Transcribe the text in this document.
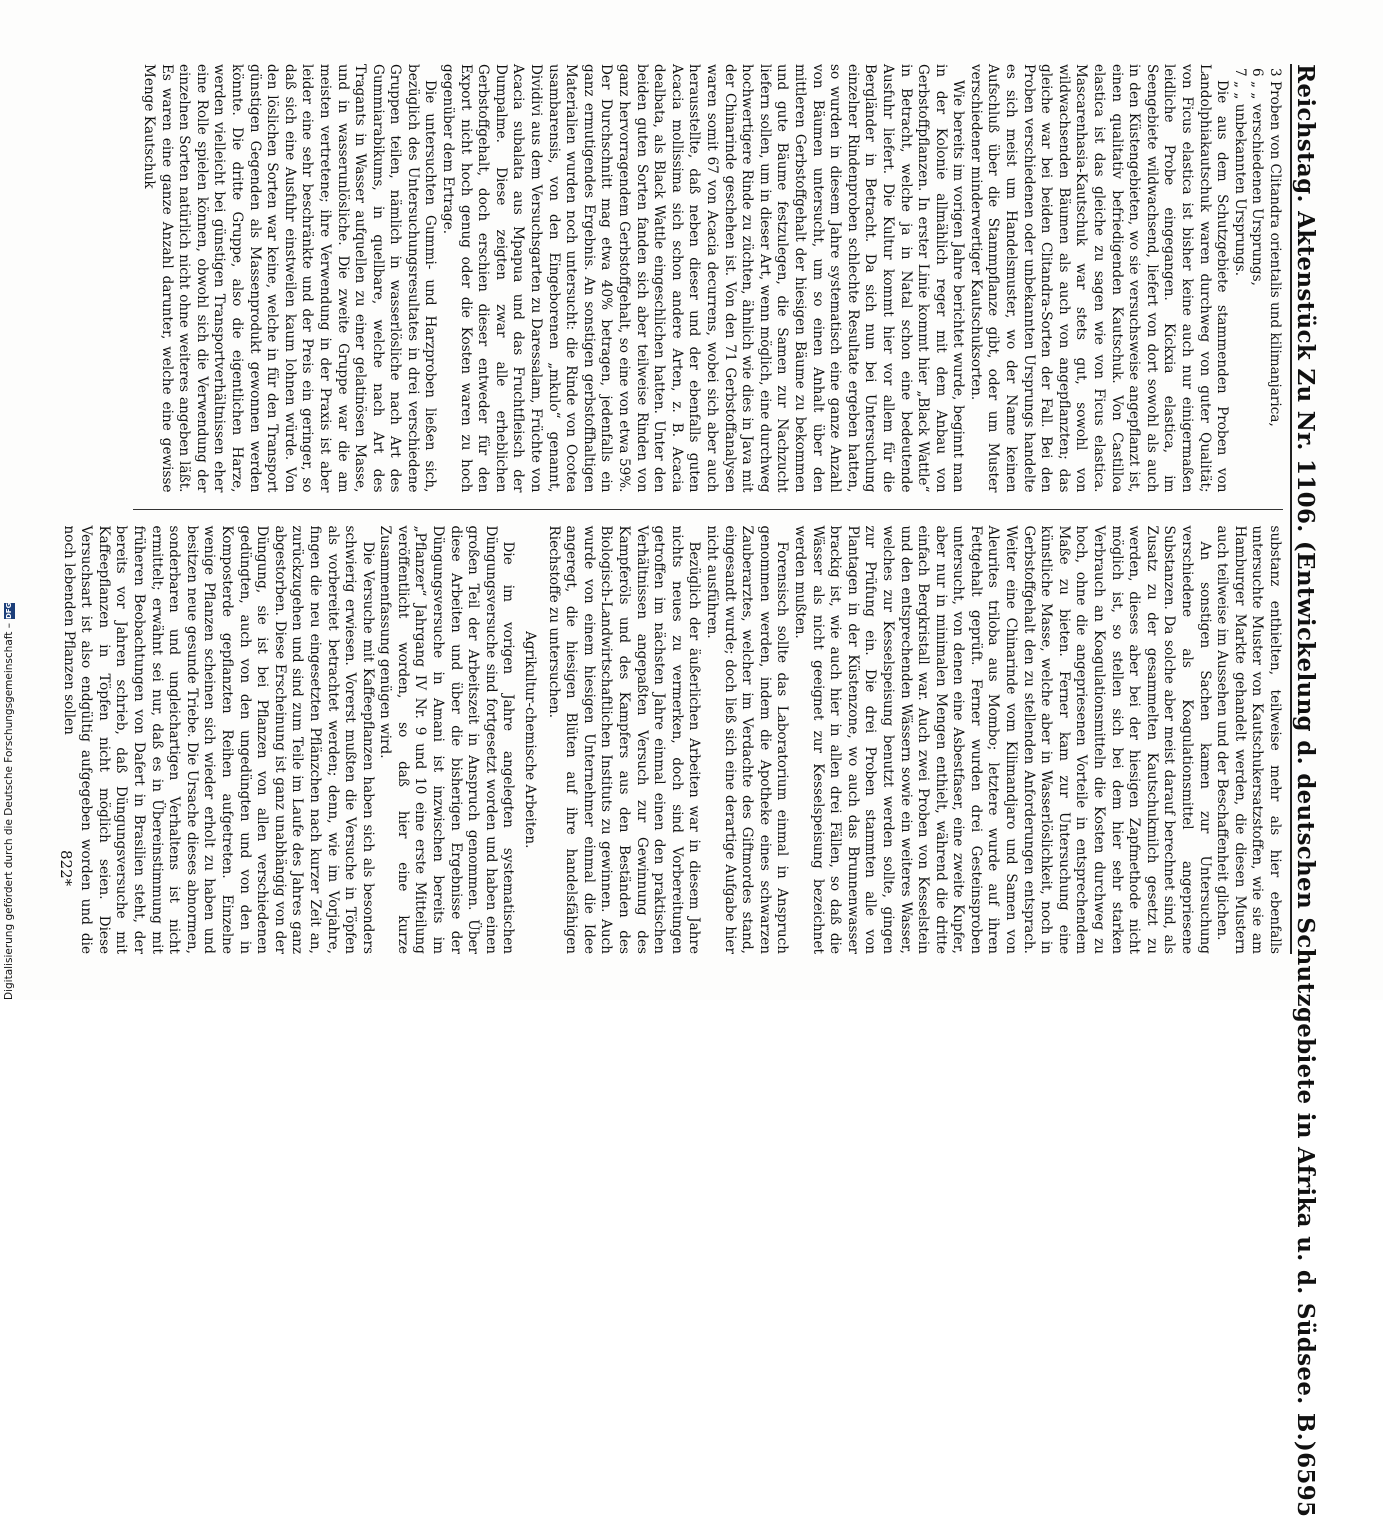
Reichstag. Aktenstück Zu Nr. 1106. (Entwickelung d. deutschen Schutzgebiete in Afrika u. d. Südsee. B.)
6595
3 Proben von Clitandra orientalis und kilimanjarica,
6 „ „ verschiedenen Ursprungs,
7 „ „ unbekannten Ursprungs.

Die aus dem Schutzgebiete stammenden Proben von Landolphiakautschuk waren durchweg von guter Qualität; von Ficus elastica ist bisher keine auch nur einigermaßen leidliche Probe eingegangen. Kickxia elastica, im Seengebiete wildwachsend, liefert von dort sowohl als auch in den Küstengebieten, wo sie versuchsweise angepflanzt ist, einen qualitativ befriedigenden Kautschuk. Von Castilloa elastica ist das gleiche zu sagen wie von Ficus elastica. Mascarenhasia-Kautschuk war stets gut, sowohl von wildwachsenden Bäumen als auch von angepflanzten; das gleiche war bei beiden Clitandra-Sorten der Fall. Bei den Proben verschiedenen oder unbekannten Ursprungs handelte es sich meist um Handelsmuster, wo der Name keinen Aufschluß über die Stammpflanze gibt, oder um Muster verschiedener minderwertiger Kautschuksorten.

Wie bereits im vorigen Jahre berichtet wurde, beginnt man in der Kolonie allmählich reger mit dem Anbau von Gerbstoffpflanzen. In erster Linie kommt hier „Black Wattle“ in Betracht, welche ja in Natal schon eine bedeutende Ausfuhr liefert. Die Kultur kommt hier vor allem für die Bergländer in Betracht. Da sich nun bei Untersuchung einzelner Rindenproben schlechte Resultate ergeben hatten, so wurden in diesem Jahre systematisch eine ganze Anzahl von Bäumen untersucht, um so einen Anhalt über den mittleren Gerbstoffgehalt der hiesigen Bäume zu bekommen und gute Bäume festzulegen, die Samen zur Nachzucht liefern sollen, um in dieser Art, wenn möglich, eine durchweg hochwertigere Rinde zu züchten, ähnlich wie dies in Java mit der Chinarinde geschehen ist. Von den 71 Gerbstoffanalysen waren somit 67 von Acacia decurrens, wobei sich aber auch herausstellte, daß neben dieser und der ebenfalls guten Acacia mollissima sich schon andere Arten, z. B. Acacia dealbata, als Black Wattle eingeschlichen hatten. Unter den beiden guten Sorten fanden sich aber teilweise Rinden von ganz hervorragendem Gerbstoffgehalt, so eine von etwa 59%. Der Durchschnitt mag etwa 40% betragen, jedenfalls ein ganz ermutigendes Ergebnis. An sonstigen gerbstoffhaltigen Materialien wurden noch untersucht: die Rinde von Ocotea usambarensis, von den Eingeborenen „mkulo“ genannt, Dividivi aus dem Versuchsgarten zu Daressalam, Früchte von Acacia subalata aus Mpapua und das Fruchtfleisch der Dumpalme. Diese zeigten zwar alle erheblichen Gerbstoffgehalt, doch erschien dieser entweder für den Export nicht hoch genug oder die Kosten waren zu hoch gegenüber dem Ertrage.

Die untersuchten Gummi- und Harzproben ließen sich, bezüglich des Untersuchungsresultates in drei verschiedene Gruppen teilen, nämlich in wasserlösliche nach Art des Gummiarabikums, in quellbare, welche nach Art des Tragants in Wasser aufquellen zu einer gelatinösen Masse, und in wasserunlösliche. Die zweite Gruppe war die am meisten vertretene; ihre Verwendung in der Praxis ist aber leider eine sehr beschränkte und der Preis ein geringer, so daß sich eine Ausfuhr einstweilen kaum lohnen würde. Von den löslichen Sorten war keine, welche in für den Transport günstigen Gegenden als Massenprodukt gewonnen werden könnte. Die dritte Gruppe, also die eigentlichen Harze, werden vielleicht bei günstigen Transportverhältnissen eher eine Rolle spielen können, obwohl sich die Verwendung der einzelnen Sorten natürlich nicht ohne weiteres angeben läßt. Es waren eine ganze Anzahl darunter, welche eine gewisse Menge Kautschuk

substanz enthielten, teilweise mehr als hier ebenfalls untersuchte Muster von Kautschukersatzstoffen, wie sie am Hamburger Markte gehandelt werden, die diesen Mustern auch teilweise im Aussehen und der Beschaffenheit glichen.

An sonstigen Sachen kamen zur Untersuchung verschiedene als Koagulationsmittel angepriesene Substanzen. Da solche aber meist darauf berechnet sind, als Zusatz zu der gesammelten Kautschukmilch gesetzt zu werden, dieses aber bei der hiesigen Zapfmethode nicht möglich ist, so stellen sich bei dem hier sehr starken Verbrauch an Koagulationsmitteln die Kosten durchweg zu hoch, ohne die angepriesenen Vorteile in entsprechendem Maße zu bieten. Ferner kam zur Untersuchung eine künstliche Masse, welche aber in Wasserlöslichkeit, noch in Gerbstoffgehalt den zu stellenden Anforderungen entsprach. Weiter eine Chinarinde vom Kilimandjaro und Samen von Aleurites triloba aus Mombo; letztere wurde auf ihren Fettgehalt geprüft. Ferner wurden drei Gesteinsproben untersucht, von denen eine Asbestfaser, eine zweite Kupfer, aber nur in minimalen Mengen enthielt, während die dritte einfach Bergkristall war. Auch zwei Proben von Kesselstein und den entsprechenden Wässern sowie ein weiteres Wasser, welches zur Kesselspeisung benutzt werden sollte, gingen zur Prüfung ein. Die drei Proben stammten alle von Plantagen in der Küstenzone, wo auch das Brunnenwasser brackig ist, wie auch hier in allen drei Fällen, so daß die Wässer als nicht geeignet zur Kesselspeisung bezeichnet werden mußten.

Forensisch sollte das Laboratorium einmal in Anspruch genommen werden, indem die Apotheke eines schwarzen Zauberarztes, welcher im Verdachte des Giftmordes stand, eingesandt wurde; doch ließ sich eine derartige Aufgabe hier nicht ausführen.

Bezüglich der äußerlichen Arbeiten war in diesem Jahre nichts neues zu vermerken, doch sind Vorbereitungen getroffen im nächsten Jahre einmal einen den praktischen Verhältnissen angepaßten Versuch zur Gewinnung des Kampferöls und des Kampfers aus den Beständen des Biologisch-Landwirtschaftlichen Instituts zu gewinnen. Auch wurde von einem hiesigen Unternehmer einmal die Idee angeregt, die hiesigen Blüten auf ihre handelsfähigen Riechstoffe zu untersuchen.

Agrikultur-chemische Arbeiten.

Die im vorigen Jahre angelegten systematischen Düngungsversuche sind fortgesetzt worden und haben einen großen Teil der Arbeitszeit in Anspruch genommen. Über diese Arbeiten und über die bisherigen Ergebnisse der Düngungsversuche in Amani ist inzwischen bereits im „Pflanzer“ Jahrgang IV Nr. 9 und 10 eine erste Mitteilung veröffentlicht worden, so daß hier eine kurze Zusammenfassung genügen wird.

Die Versuche mit Kaffeepflanzen haben sich als besonders schwierig erwiesen. Vorerst mußten die Versuche in Töpfen als vorbereitet betrachtet werden; denn, wie im Vorjahre, fingen die neu eingesetzten Pflänzchen nach kurzer Zeit an, zurückzugehen und sind zum Teile im Laufe des Jahres ganz abgestorben. Diese Erscheinung ist ganz unabhängig von der Düngung, sie ist bei Pflanzen von allen verschiedenen gedüngten, auch von den ungedüngten und von den in Komposterde gepflanzten Reihen aufgetreten. Einzelne wenige Pflanzen scheinen sich wieder erholt zu haben und besitzen neue gesunde Triebe. Die Ursache dieses abnormen, sonderbaren und ungleichartigen Verhaltens ist nicht ermittelt; erwähnt sei nur, daß es in Übereinstimmung mit früheren Beobachtungen von Dafert in Brasilien steht, der bereits vor Jahren schrieb, daß Düngungsversuche mit Kaffeepflanzen in Töpfen nicht möglich seien. Diese Versuchsart ist also endgültig aufgegeben worden und die noch lebenden Pflanzen sollen

822*
Digitalisierung gefördert durch die Deutsche Forschungsgemeinschaft –
DFG
